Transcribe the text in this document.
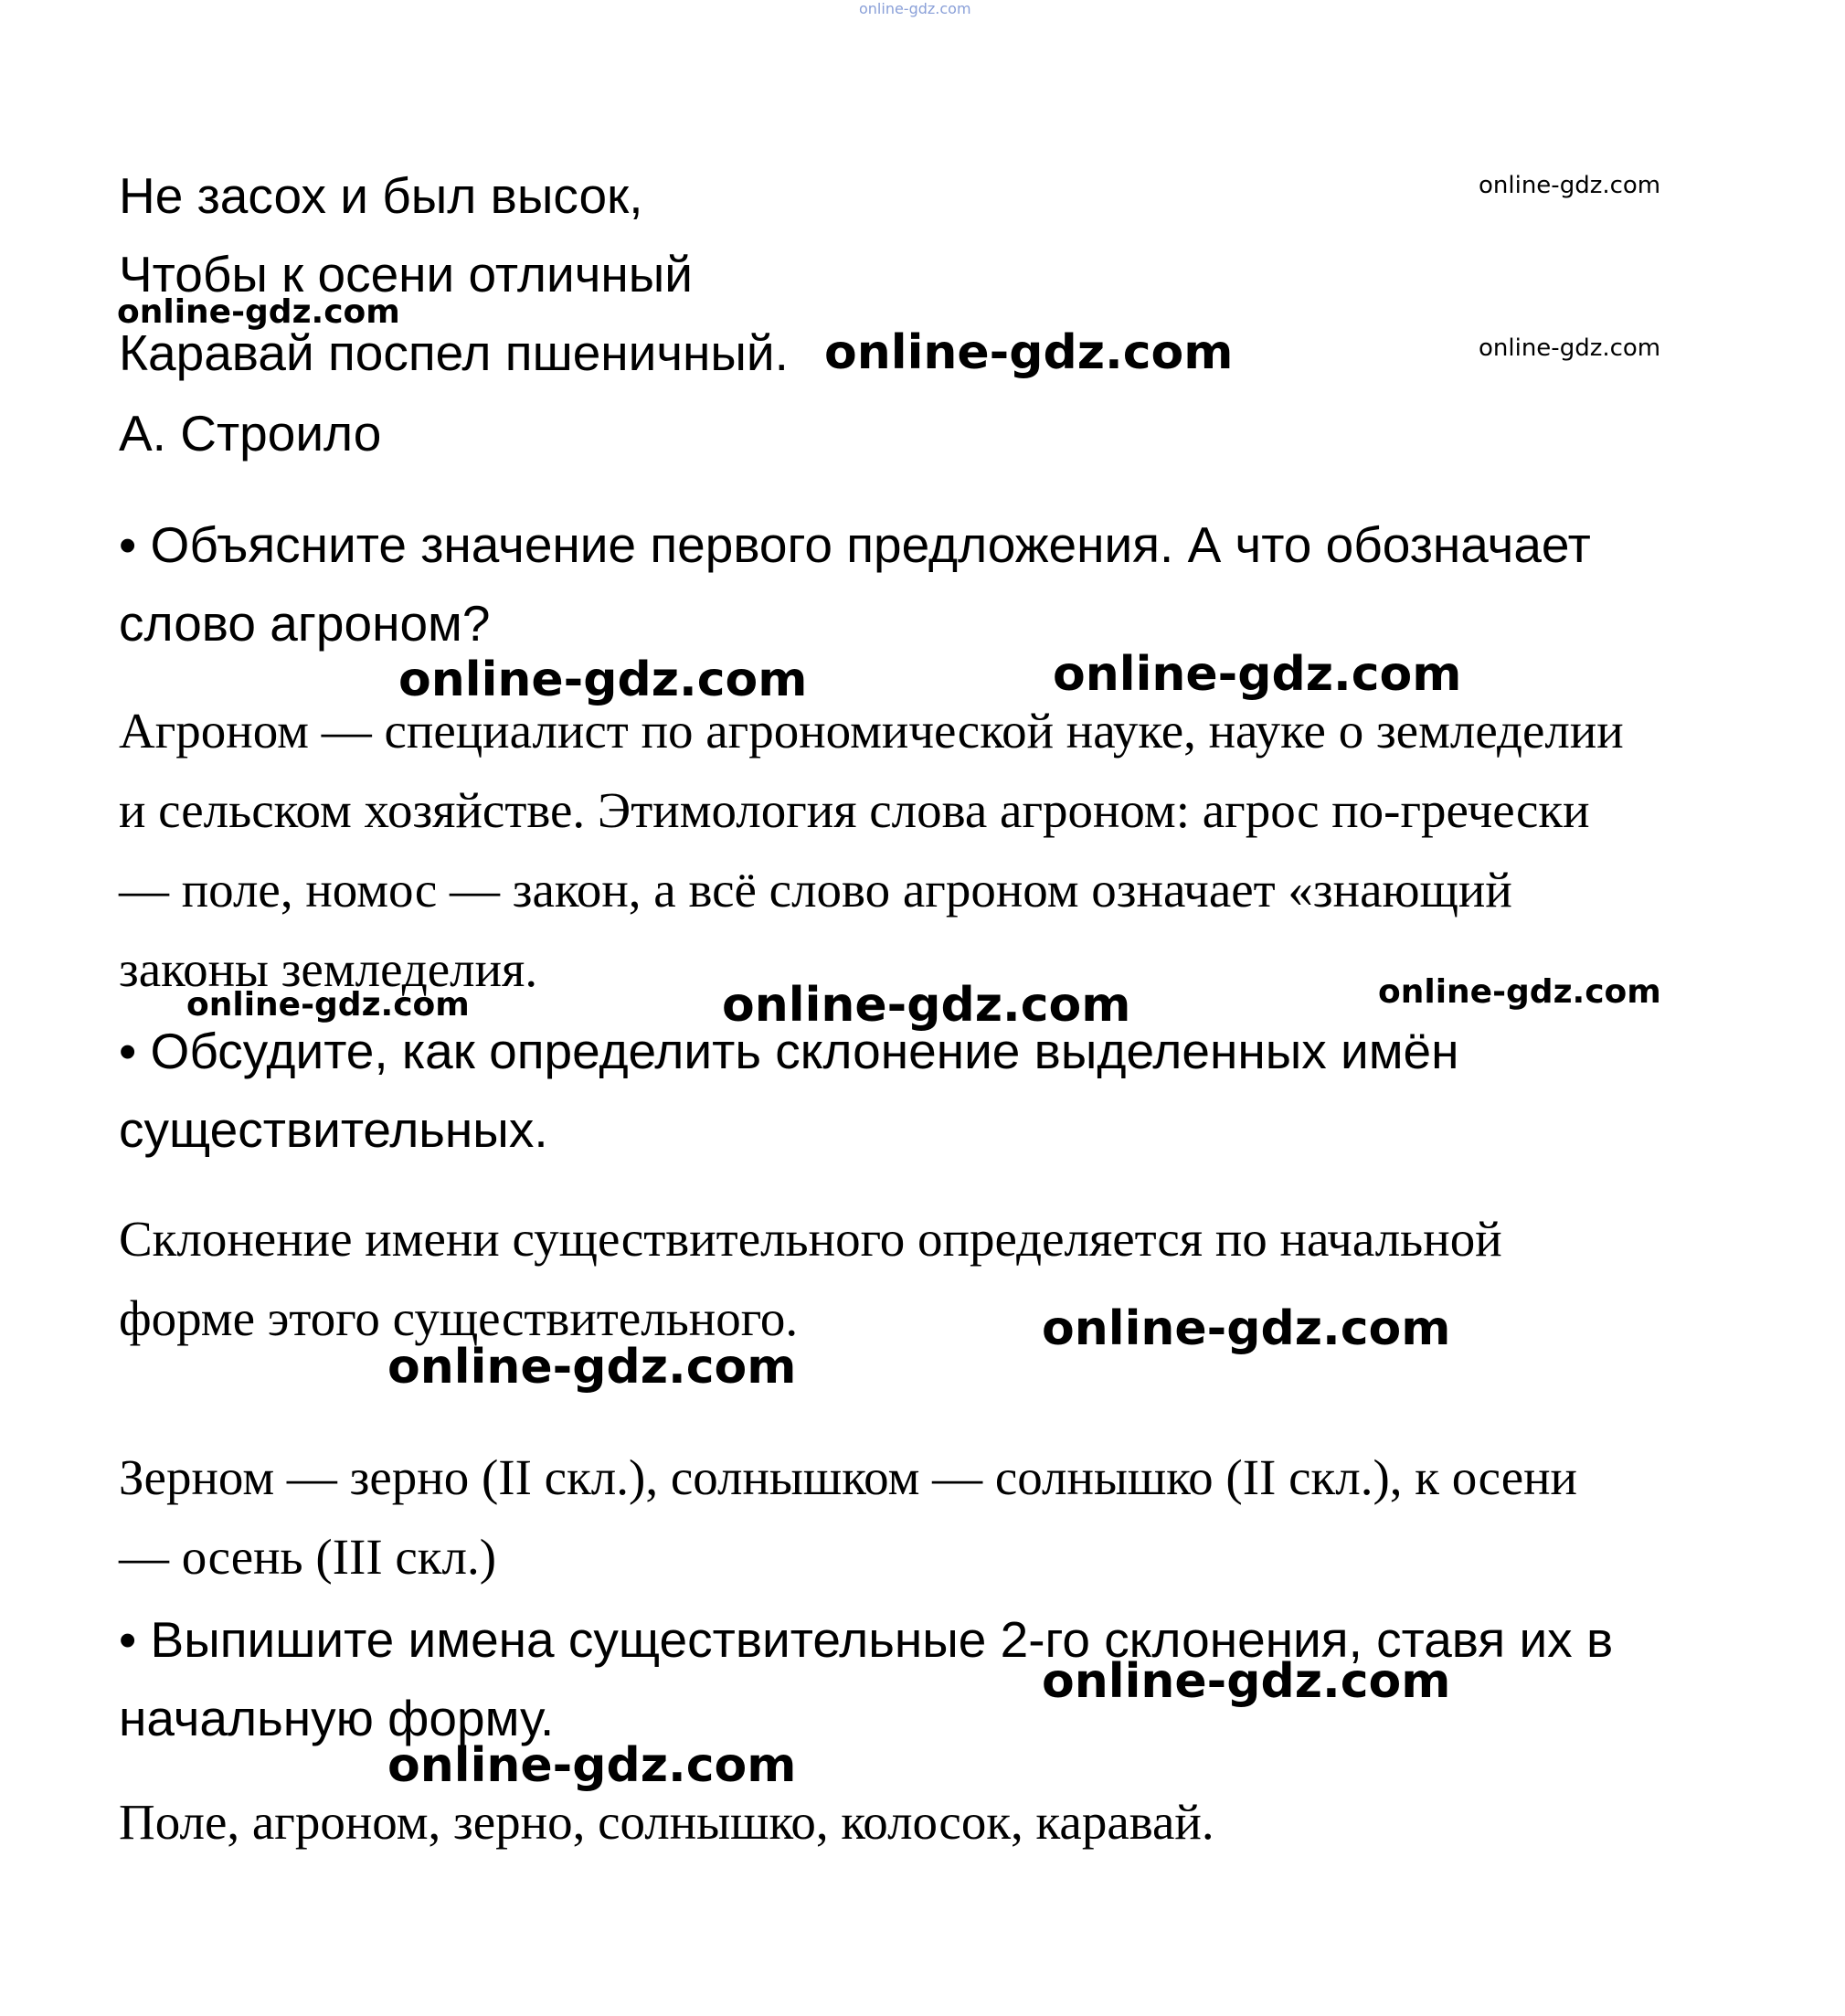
online-gdz.com
Не засох и был высок,
Чтобы к осени отличный
Каравай поспел пшеничный.
А. Строило
• Объясните значение первого предложения. А что обозначает
слово агроном?
Агроном — специалист по агрономической науке, науке о земледелии
и сельском хозяйстве. Этимология слова агроном: агрос по-гречески
— поле, номос — закон, а всё слово агроном означает «знающий
законы земледелия.
• Обсудите, как определить склонение выделенных имён
существительных.
Склонение имени существительного определяется по начальной
форме этого существительного.
Зерном — зерно (II скл.), солнышком — солнышко (II скл.), к осени
— осень (III скл.)
• Выпишите имена существительные 2-го склонения, ставя их в
начальную форму.
Поле, агроном, зерно, солнышко, колосок, каравай.
online-gdz.com
online-gdz.com
online-gdz.com	online-gdz.com
online-gdz.com	online-gdz.com
online-gdz.com	online-gdz.com	online-gdz.com
online-gdz.com
online-gdz.com
online-gdz.com
online-gdz.com
